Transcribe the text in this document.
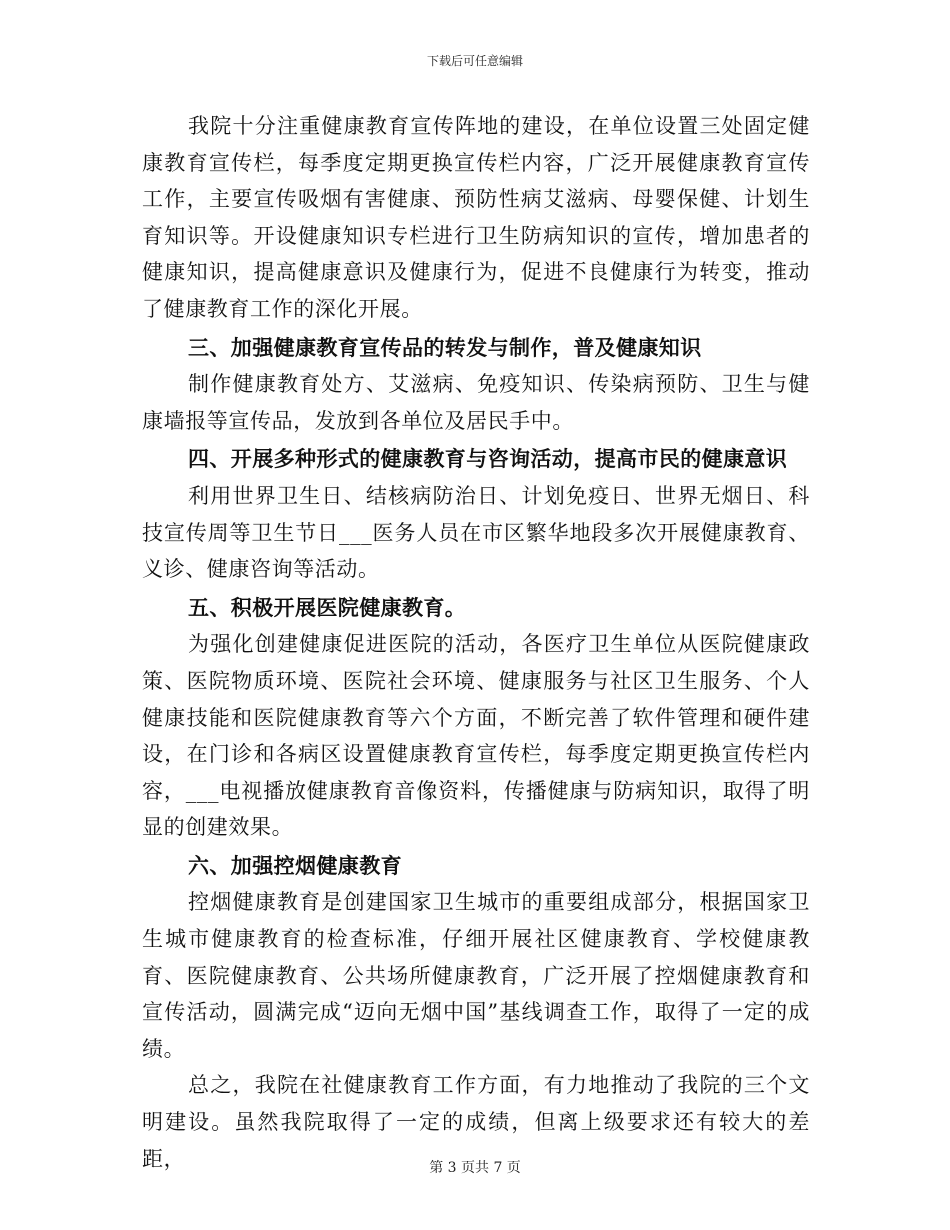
下载后可任意编辑

我院十分注重健康教育宣传阵地的建设，在单位设置三处固定健康教育宣传栏，每季度定期更换宣传栏内容，广泛开展健康教育宣传工作，主要宣传吸烟有害健康、预防性病艾滋病、母婴保健、计划生育知识等。开设健康知识专栏进行卫生防病知识的宣传，增加患者的健康知识，提高健康意识及健康行为，促进不良健康行为转变，推动了健康教育工作的深化开展。

三、加强健康教育宣传品的转发与制作，普及健康知识

制作健康教育处方、艾滋病、免疫知识、传染病预防、卫生与健康墙报等宣传品，发放到各单位及居民手中。

四、开展多种形式的健康教育与咨询活动，提高市民的健康意识

利用世界卫生日、结核病防治日、计划免疫日、世界无烟日、科技宣传周等卫生节日___医务人员在市区繁华地段多次开展健康教育、义诊、健康咨询等活动。

五、积极开展医院健康教育。

为强化创建健康促进医院的活动，各医疗卫生单位从医院健康政策、医院物质环境、医院社会环境、健康服务与社区卫生服务、个人健康技能和医院健康教育等六个方面，不断完善了软件管理和硬件建设，在门诊和各病区设置健康教育宣传栏，每季度定期更换宣传栏内容，___电视播放健康教育音像资料，传播健康与防病知识，取得了明显的创建效果。

六、加强控烟健康教育

控烟健康教育是创建国家卫生城市的重要组成部分，根据国家卫生城市健康教育的检查标准，仔细开展社区健康教育、学校健康教育、医院健康教育、公共场所健康教育，广泛开展了控烟健康教育和宣传活动，圆满完成“迈向无烟中国”基线调查工作，取得了一定的成绩。

总之，我院在社健康教育工作方面，有力地推动了我院的三个文明建设。虽然我院取得了一定的成绩，但离上级要求还有较大的差距，	第 3 页共 7 页
